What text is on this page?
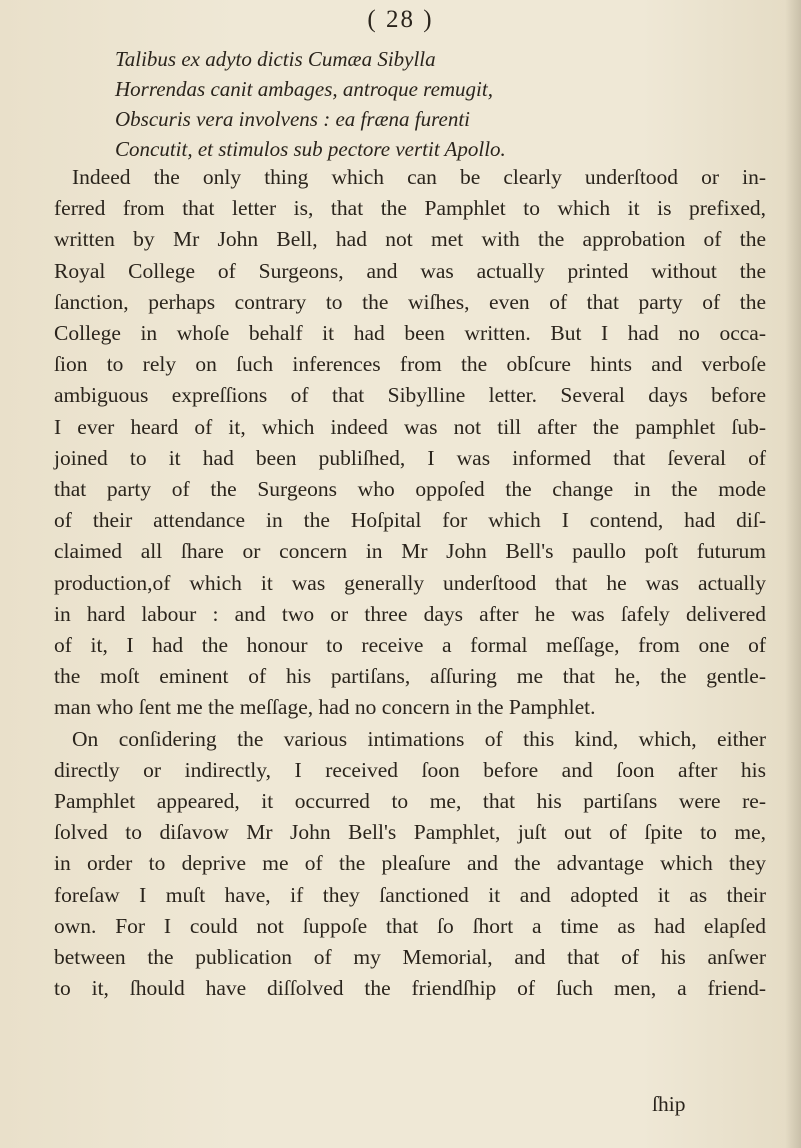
( 28 )
Talibus ex adyto dictis Cumæa Sibylla
Horrendas canit ambages, antroque remugit,
Obscuris vera involvens : ea fræna furenti
Concutit, et stimulos sub pectore vertit Apollo.
Indeed the only thing which can be clearly underſtood or in-
ferred from that letter is, that the Pamphlet to which it is prefixed,
written by Mr John Bell, had not met with the approbation of the
Royal College of Surgeons, and was actually printed without the
ſanction, perhaps contrary to the wiſhes, even of that party of the
College in whoſe behalf it had been written. But I had no occa-
ſion to rely on ſuch inferences from the obſcure hints and verboſe
ambiguous expreſſions of that Sibylline letter. Several days before
I ever heard of it, which indeed was not till after the pamphlet ſub-
joined to it had been publiſhed, I was informed that ſeveral of
that party of the Surgeons who oppoſed the change in the mode
of their attendance in the Hoſpital for which I contend, had diſ-
claimed all ſhare or concern in Mr John Bell's paullo poſt futurum
production,of which it was generally underſtood that he was actually
in hard labour : and two or three days after he was ſafely delivered
of it, I had the honour to receive a formal meſſage, from one of
the moſt eminent of his partiſans, aſſuring me that he, the gentle-
man who ſent me the meſſage, had no concern in the Pamphlet.
On conſidering the various intimations of this kind, which, either
directly or indirectly, I received ſoon before and ſoon after his
Pamphlet appeared, it occurred to me, that his partiſans were re-
ſolved to diſavow Mr John Bell's Pamphlet, juſt out of ſpite to me,
in order to deprive me of the pleaſure and the advantage which they
foreſaw I muſt have, if they ſanctioned it and adopted it as their
own. For I could not ſuppoſe that ſo ſhort a time as had elapſed
between the publication of my Memorial, and that of his anſwer
to it, ſhould have diſſolved the friendſhip of ſuch men, a friend-
ſhip
